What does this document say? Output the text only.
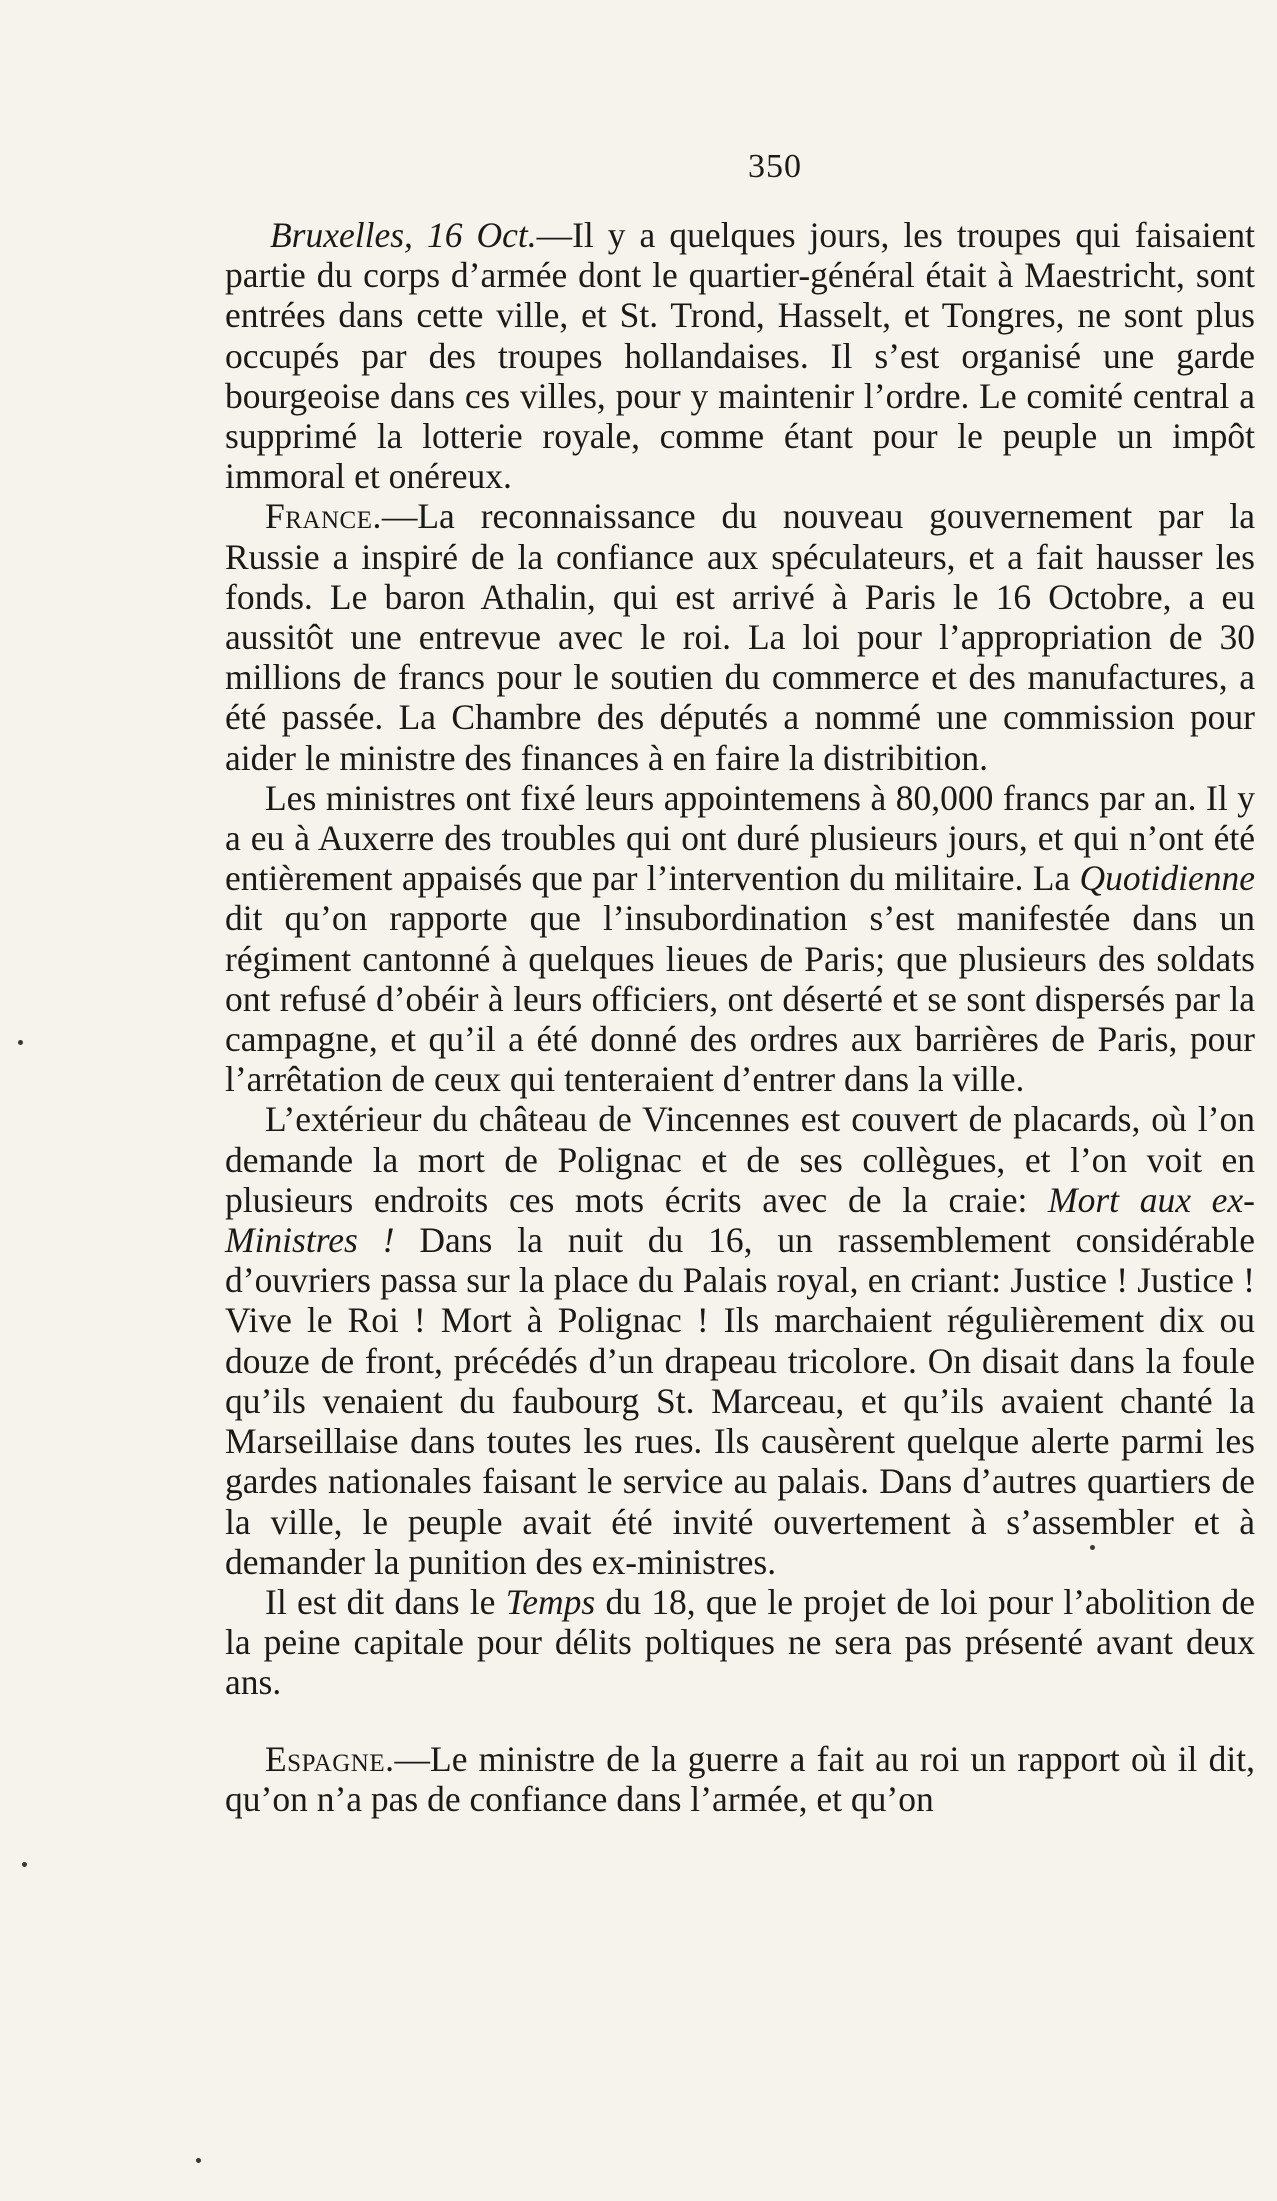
350

Bruxelles, 16 Oct.—Il y a quelques jours, les troupes qui faisaient partie du corps d’armée dont le quartier-général était à Maestricht, sont entrées dans cette ville, et St. Trond, Hasselt, et Tongres, ne sont plus occupés par des troupes hollandaises. Il s’est organisé une garde bourgeoise dans ces villes, pour y maintenir l’ordre. Le comité central a supprimé la lotterie royale, comme étant pour le peuple un impôt immoral et onéreux.

France.—La reconnaissance du nouveau gouvernement par la Russie a inspiré de la confiance aux spéculateurs, et a fait hausser les fonds. Le baron Athalin, qui est arrivé à Paris le 16 Octobre, a eu aussitôt une entrevue avec le roi. La loi pour l’appropriation de 30 millions de francs pour le soutien du commerce et des manufactures, a été passée. La Chambre des députés a nommé une commission pour aider le ministre des finances à en faire la distribition.

Les ministres ont fixé leurs appointemens à 80,000 francs par an. Il y a eu à Auxerre des troubles qui ont duré plusieurs jours, et qui n’ont été entièrement appaisés que par l’intervention du militaire. La Quotidienne dit qu’on rapporte que l’insubordination s’est manifestée dans un régiment cantonné à quelques lieues de Paris; que plusieurs des soldats ont refusé d’obéir à leurs officiers, ont déserté et se sont dispersés par la campagne, et qu’il a été donné des ordres aux barrières de Paris, pour l’arrêtation de ceux qui tenteraient d’entrer dans la ville.

L’extérieur du château de Vincennes est couvert de placards, où l’on demande la mort de Polignac et de ses collègues, et l’on voit en plusieurs endroits ces mots écrits avec de la craie: Mort aux ex-Ministres ! Dans la nuit du 16, un rassemblement considérable d’ouvriers passa sur la place du Palais royal, en criant: Justice ! Justice ! Vive le Roi ! Mort à Polignac ! Ils marchaient régulièrement dix ou douze de front, précédés d’un drapeau tricolore. On disait dans la foule qu’ils venaient du faubourg St. Marceau, et qu’ils avaient chanté la Marseillaise dans toutes les rues. Ils causèrent quelque alerte parmi les gardes nationales faisant le service au palais. Dans d’autres quartiers de la ville, le peuple avait été invité ouvertement à s’assembler et à demander la punition des ex-ministres.

Il est dit dans le Temps du 18, que le projet de loi pour l’abolition de la peine capitale pour délits poltiques ne sera pas présenté avant deux ans.

Espagne.—Le ministre de la guerre a fait au roi un rapport où il dit, qu’on n’a pas de confiance dans l’armée, et qu’on
